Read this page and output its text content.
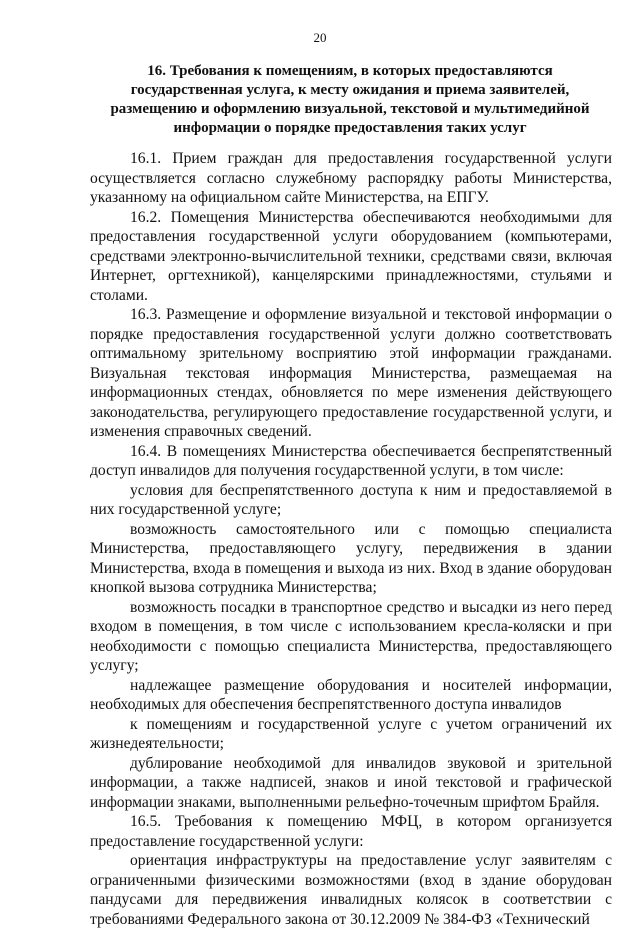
20
16. Требования к помещениям, в которых предоставляются государственная услуга, к месту ожидания и приема заявителей, размещению и оформлению визуальной, текстовой и мультимедийной информации о порядке предоставления таких услуг

16.1. Прием граждан для предоставления государственной услуги осуществляется согласно служебному распорядку работы Министерства, указанному на официальном сайте Министерства, на ЕПГУ.

16.2. Помещения Министерства обеспечиваются необходимыми для предоставления государственной услуги оборудованием (компьютерами, средствами электронно-вычислительной техники, средствами связи, включая Интернет, оргтехникой), канцелярскими принадлежностями, стульями и столами.

16.3. Размещение и оформление визуальной и текстовой информации о порядке предоставления государственной услуги должно соответствовать оптимальному зрительному восприятию этой информации гражданами. Визуальная текстовая информация Министерства, размещаемая на информационных стендах, обновляется по мере изменения действующего законодательства, регулирующего предоставление государственной услуги, и изменения справочных сведений.

16.4. В помещениях Министерства обеспечивается беспрепятственный доступ инвалидов для получения государственной услуги, в том числе:

условия для беспрепятственного доступа к ним и предоставляемой в них государственной услуге;

возможность самостоятельного или с помощью специалиста Министерства, предоставляющего услугу, передвижения в здании Министерства, входа в помещения и выхода из них. Вход в здание оборудован кнопкой вызова сотрудника Министерства;

возможность посадки в транспортное средство и высадки из него перед входом в помещения, в том числе с использованием кресла-коляски и при необходимости с помощью специалиста Министерства, предоставляющего услугу;

надлежащее размещение оборудования и носителей информации, необходимых для обеспечения беспрепятственного доступа инвалидов

к помещениям и государственной услуге с учетом ограничений их жизнедеятельности;

дублирование необходимой для инвалидов звуковой и зрительной информации, а также надписей, знаков и иной текстовой и графической информации знаками, выполненными рельефно-точечным шрифтом Брайля.

16.5. Требования к помещению МФЦ, в котором организуется предоставление государственной услуги:

ориентация инфраструктуры на предоставление услуг заявителям с ограниченными физическими возможностями (вход в здание оборудован пандусами для передвижения инвалидных колясок в соответствии с требованиями Федерального закона от 30.12.2009 № 384-ФЗ «Технический
